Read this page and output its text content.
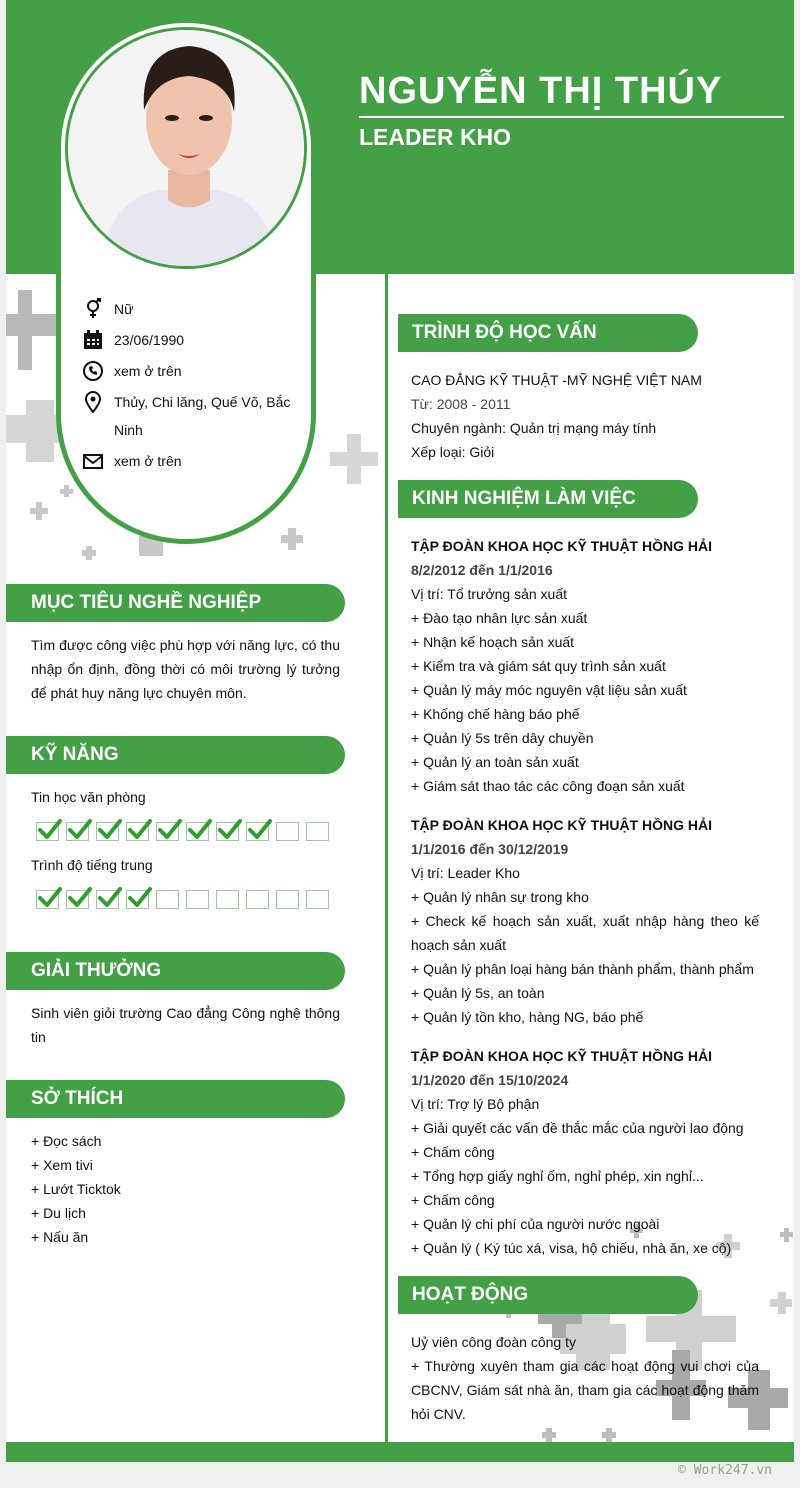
NGUYỄN THỊ THÚY
LEADER KHO
Nữ
23/06/1990
xem ở trên
Thủy, Chi lăng, Quế Võ, Bắc Ninh
xem ở trên
MỤC TIÊU NGHỀ NGHIỆP
Tìm được công việc phù hợp với năng lực, có thu nhập ổn định, đồng thời có môi trường lý tưởng để phát huy năng lực chuyên môn.
KỸ NĂNG
Tin học văn phòng
Trình độ tiếng trung
GIẢI THƯỞNG
Sinh viên giỏi trường Cao đẳng Công nghệ thông tin
SỞ THÍCH
+ Đọc sách
+ Xem tivi
+ Lướt Ticktok
+ Du lịch
+ Nấu ăn
TRÌNH ĐỘ HỌC VẤN
CAO ĐẲNG KỸ THUẬT -MỸ NGHỆ VIỆT NAM
Từ: 2008 - 2011
Chuyên ngành: Quản trị mạng máy tính
Xếp loại: Giỏi
KINH NGHIỆM LÀM VIỆC
TẬP ĐOÀN KHOA HỌC KỸ THUẬT HỒNG HẢI
8/2/2012 đến 1/1/2016
Vị trí: Tổ trưởng sản xuất
+ Đào tạo nhân lực sản xuất
+ Nhận kế hoạch sản xuất
+ Kiểm tra và giám sát quy trình sản xuất
+ Quản lý máy móc nguyên vật liệu sản xuất
+ Khống chế hàng báo phế
+ Quản lý 5s trên dây chuyền
+ Quản lý an toàn sản xuất
+ Giám sát thao tác các công đoạn sản xuất
TẬP ĐOÀN KHOA HỌC KỸ THUẬT HỒNG HẢI
1/1/2016 đến 30/12/2019
Vị trí: Leader Kho
+ Quản lý nhân sự trong kho
+ Check kế hoạch sản xuất, xuất nhập hàng theo kế hoạch sản xuất
+ Quản lý phân loại hàng bán thành phẩm, thành phẩm
+ Quản lý 5s, an toàn
+ Quản lý tồn kho, hàng NG, báo phế
TẬP ĐOÀN KHOA HỌC KỸ THUẬT HỒNG HẢI
1/1/2020 đến 15/10/2024
Vị trí: Trợ lý Bộ phận
+ Giải quyết các vấn đề thắc mắc của người lao động
+ Chấm công
+ Tổng hợp giấy nghỉ ốm, nghỉ phép, xin nghỉ...
+ Chấm công
+ Quản lý chi phí của người nước ngoài
+ Quản lý ( Ký túc xá, visa, hộ chiếu, nhà ăn, xe cộ)
HOẠT ĐỘNG
Uỷ viên công đoàn công ty
+ Thường xuyên tham gia các hoạt động vui chơi của CBCNV, Giám sát nhà ăn, tham gia các hoạt động thăm hỏi CNV.
© Work247.vn
